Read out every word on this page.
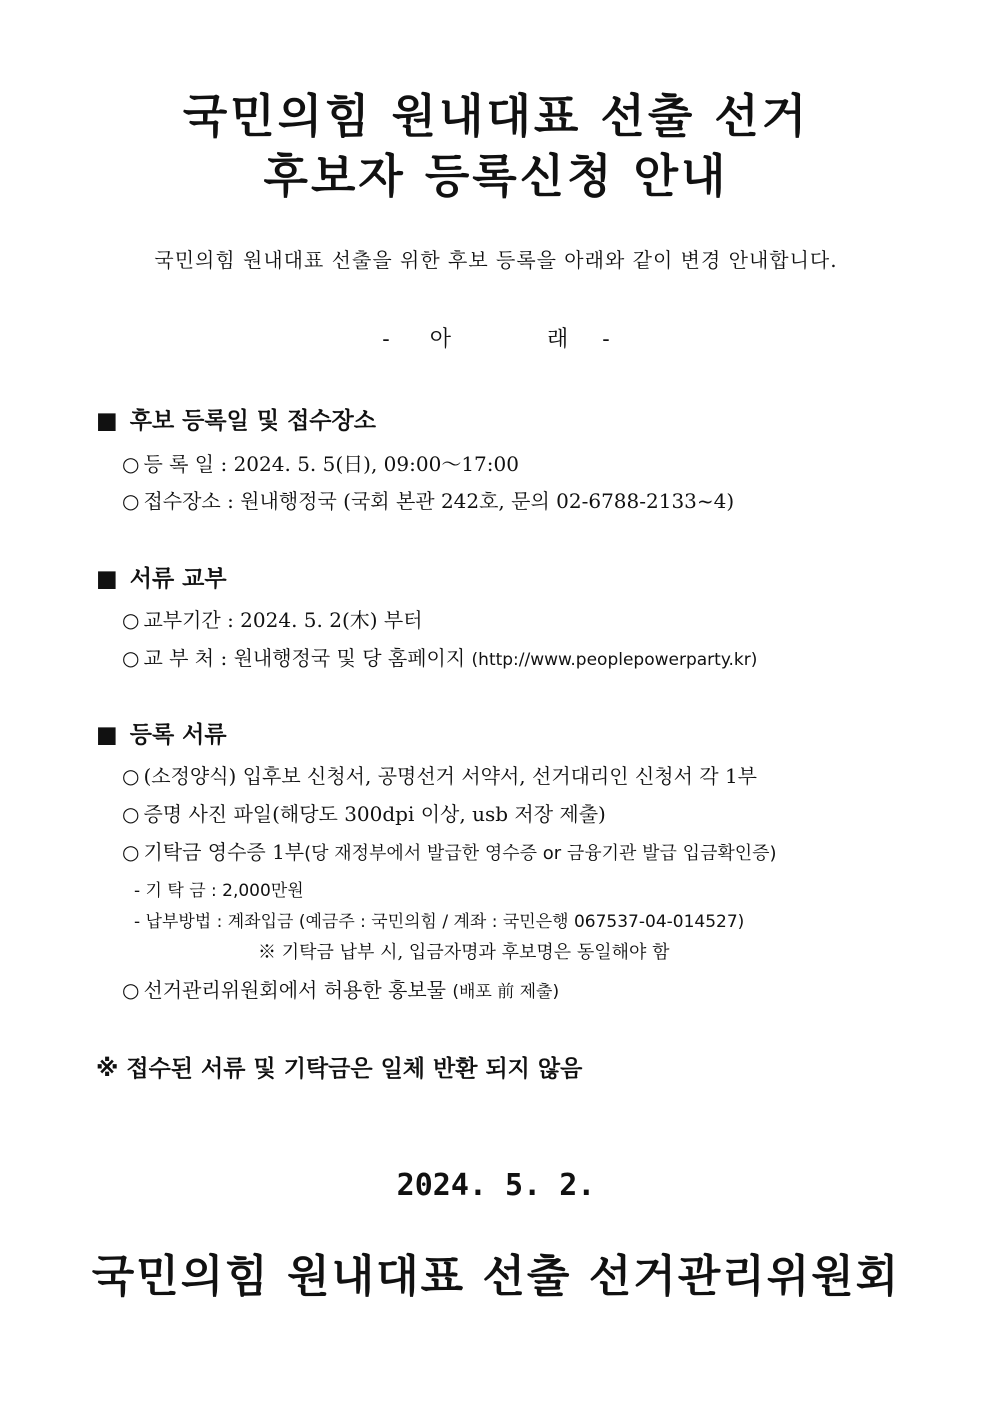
국민의힘 원내대표 선출 선거
후보자 등록신청 안내
국민의힘 원내대표 선출을 위한 후보 등록을 아래와 같이 변경 안내합니다.
- 아	래 -
■ 후보 등록일 및 접수장소
○ 등 록 일 : 2024. 5. 5(日), 09:00～17:00
○ 접수장소 : 원내행정국 (국회 본관 242호, 문의 02-6788-2133~4)
■ 서류 교부
○ 교부기간 : 2024. 5. 2(木) 부터
○ 교 부 처 : 원내행정국 및 당 홈페이지 (http://www.peoplepowerparty.kr)
■ 등록 서류
○ (소정양식) 입후보 신청서, 공명선거 서약서, 선거대리인 신청서 각 1부
○ 증명 사진 파일(해당도 300dpi 이상, usb 저장 제출)
○ 기탁금 영수증 1부(당 재정부에서 발급한 영수증 or 금융기관 발급 입금확인증)
- 기 탁 금 : 2,000만원
- 납부방법 : 계좌입금 (예금주 : 국민의힘 / 계좌 : 국민은행 067537-04-014527)
※ 기탁금 납부 시, 입금자명과 후보명은 동일해야 함
○ 선거관리위원회에서 허용한 홍보물 (배포 前 제출)
※ 접수된 서류 및 기탁금은 일체 반환 되지 않음
2024. 5. 2.
국민의힘 원내대표 선출 선거관리위원회
